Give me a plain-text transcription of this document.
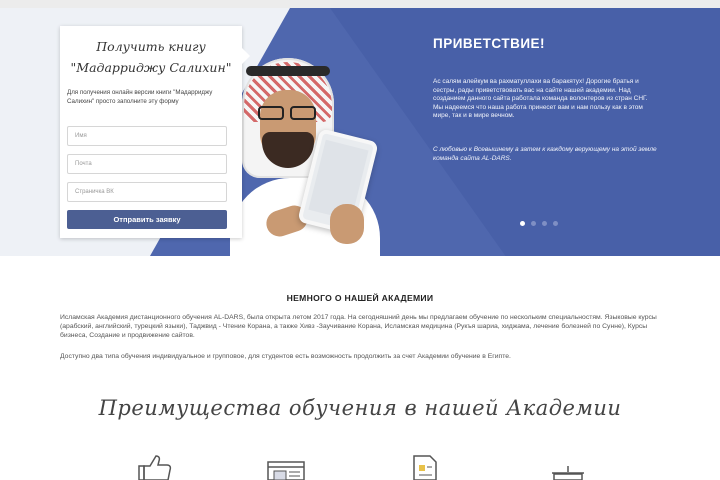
ПРИВЕТСТВИЕ!
Ас салям алейкум ва рахматуллахи ва баракятух! Дорогие братья и сестры, рады приветствовать вас на сайте нашей академии. Над созданием данного сайта работала команда волонтеров из стран СНГ. Мы надеемся что наша работа принесет вам и нам пользу как в этом мире, так и в мире вечном.
С любовью к Всевышнему а затем к каждому верующему на этой земле команда сайта AL-DARS.
Получить книгу
"Мадарриджу Салихин"
Для получения онлайн версии книги "Мадарриджу Салихин" просто заполните эту форму
Имя
Почта
Страничка ВК
Отправить заявку
НЕМНОГО О НАШЕЙ АКАДЕМИИ
Исламская Академия дистанционного обучения AL-DARS, была открыта летом 2017 года. На сегодняшний день мы предлагаем обучение по нескольким специальностям. Языковые курсы (арабский, английский, турецкий языки), Таджвид - Чтение Корана, а также Хивз -Заучивание Корана, Исламская медицина (Рукъя шариа, хиджама, лечение болезней по Сунне), Курсы бизнеса, Создание и продвижение сайтов.
Доступно два типа обучения индивидуальное и групповое, для студентов есть возможность продолжить за счет Академии обучение в Египте.
Преимущества обучения в нашей Академии
